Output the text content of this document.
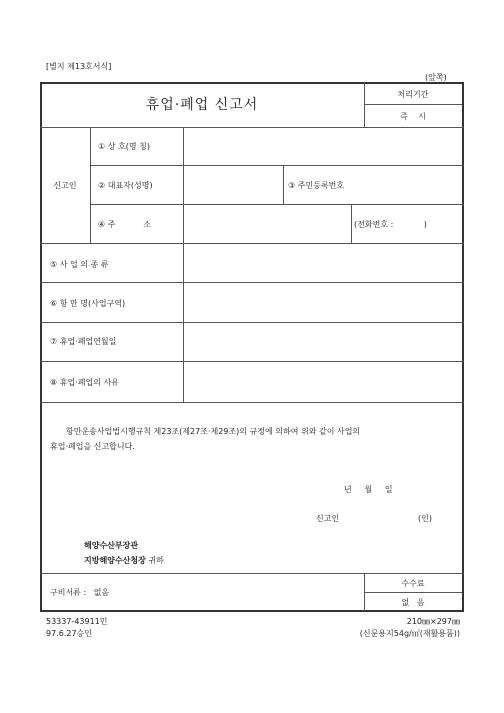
[별지 제13호서식]
(앞쪽)
휴업·폐업 신고서
처리기간
즉    시
신고인
① 상 호(명 칭)
② 대표자(성명)	③ 주민등록번호
④ 주           소	(전화번호 :            )
⑤ 사 업 의 종 류
⑥ 항 만 명(사업구역)
⑦ 휴업·폐업연월일
⑧ 휴업·폐업의 사유
항만운송사업법시행규칙 제23조(제27조·제29조)의 규정에 의하여 위와 같이 사업의
휴업·폐업을 신고합니다.
년     월     일
신고인	(인)
해양수산부장관
지방해양수산청장 귀하
구비서류 :   없음
수수료
없   음
53337-43911민
97.6.27승인
210㎜×297㎜
(신문용지54g/㎡(재활용품))
